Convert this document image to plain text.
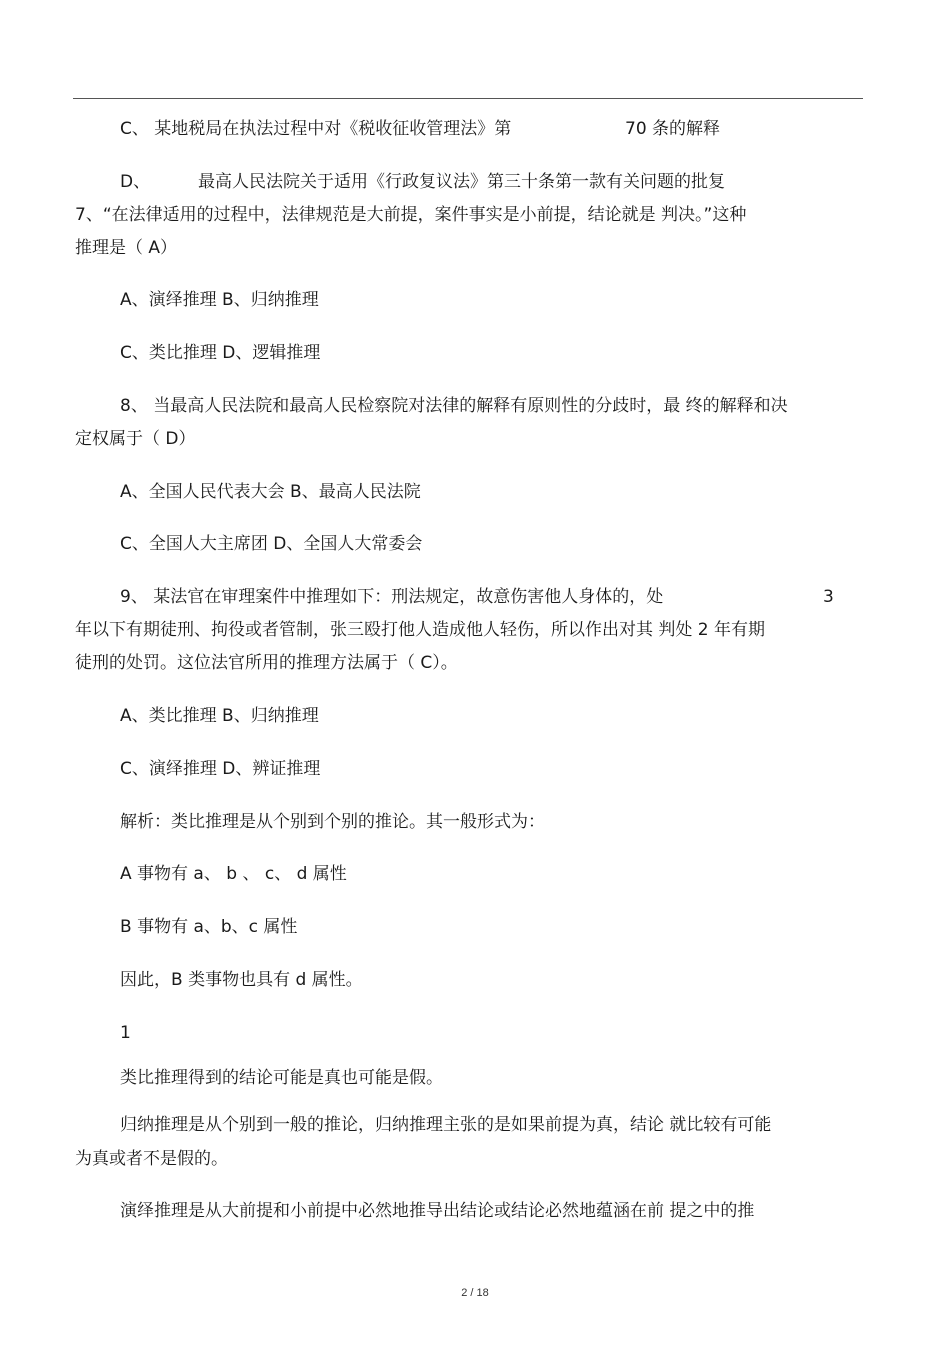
C、 某地税局在执法过程中对《税收征收管理法》第	70 条的解释
D、	最高人民法院关于适用《行政复议法》第三十条第一款有关问题的批复
7、“在法律适用的过程中，法律规范是大前提，案件事实是小前提，结论就是 判决。”这种
推理是（ A）
A、演绎推理 B、归纳推理
C、类比推理 D、逻辑推理
8、 当最高人民法院和最高人民检察院对法律的解释有原则性的分歧时，最 终的解释和决
定权属于（ D）
A、全国人民代表大会 B、最高人民法院
C、全国人大主席团 D、全国人大常委会
9、 某法官在审理案件中推理如下：刑法规定，故意伤害他人身体的，处	3
年以下有期徒刑、拘役或者管制，张三殴打他人造成他人轻伤，所以作出对其 判处 2 年有期
徒刑的处罚。这位法官所用的推理方法属于（ C）。
A、类比推理 B、归纳推理
C、演绎推理 D、辨证推理
解析：类比推理是从个别到个别的推论。其一般形式为：
A 事物有 a、 b 、 c、 d 属性
B 事物有 a、b、c 属性
因此，B 类事物也具有 d 属性。
1
类比推理得到的结论可能是真也可能是假。
归纳推理是从个别到一般的推论，归纳推理主张的是如果前提为真，结论 就比较有可能
为真或者不是假的。
演绎推理是从大前提和小前提中必然地推导出结论或结论必然地蕴涵在前 提之中的推
2 / 18
